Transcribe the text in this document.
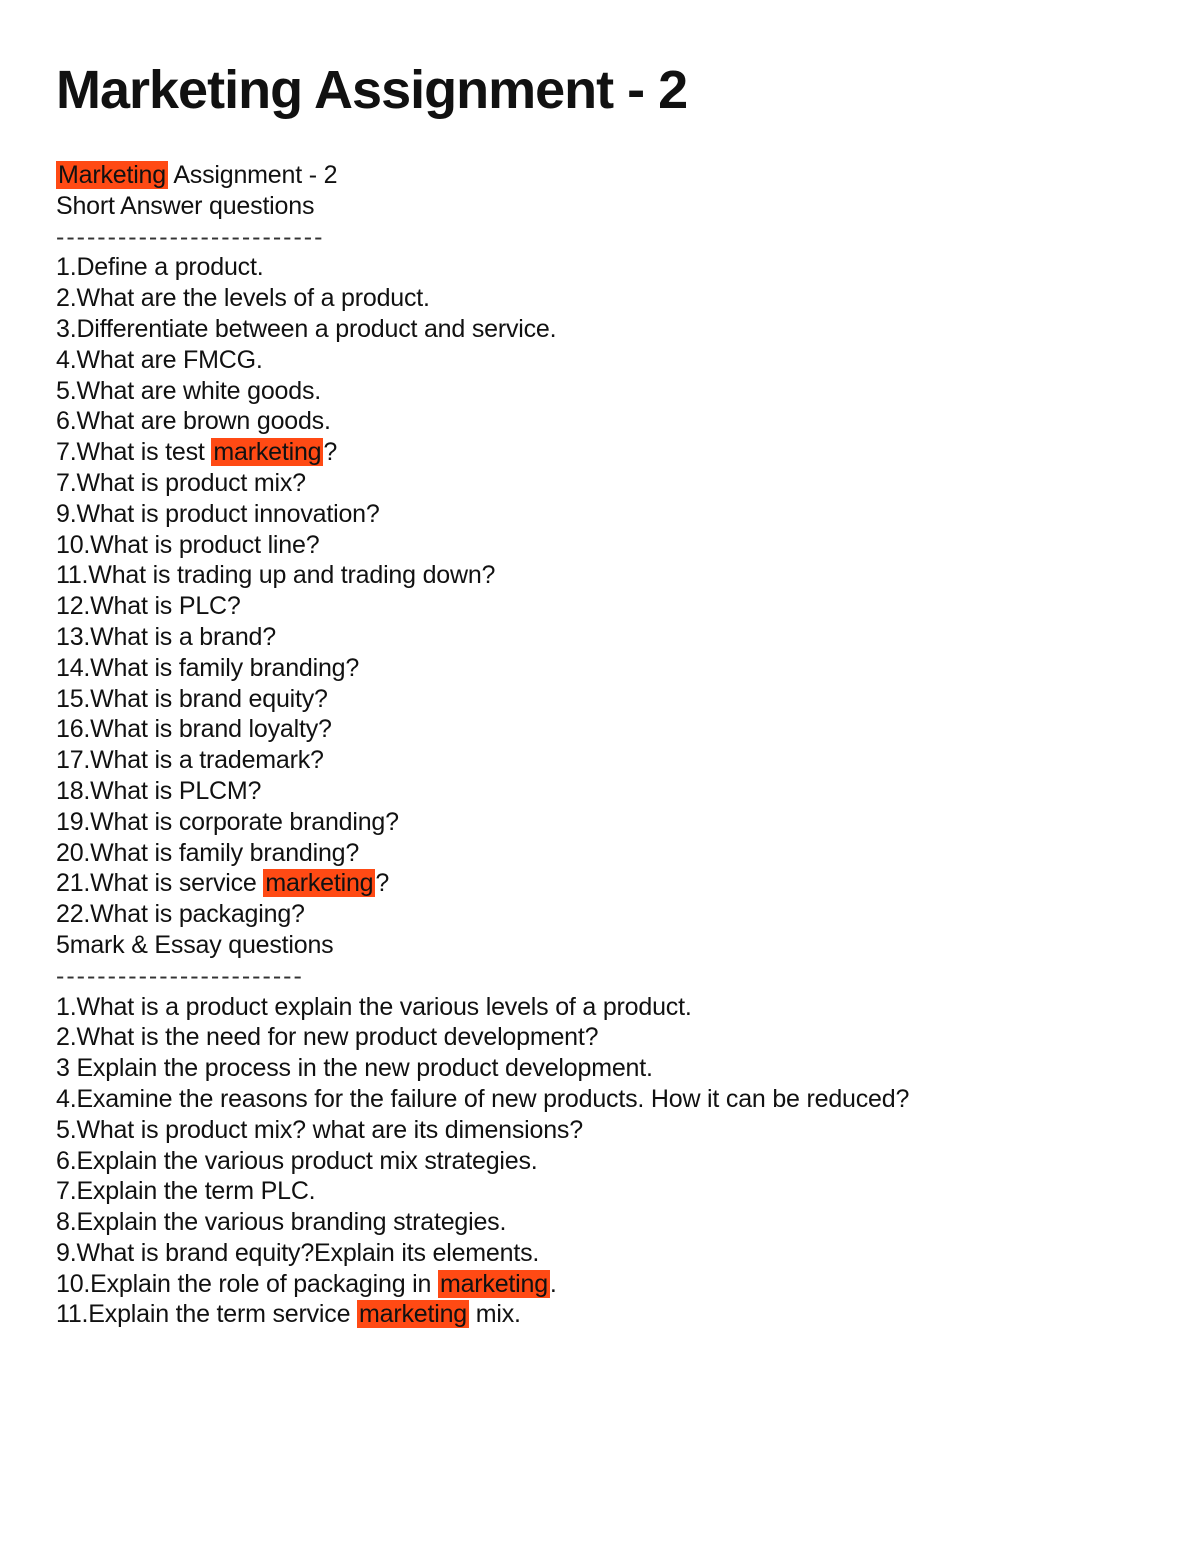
Marketing Assignment - 2
Marketing Assignment - 2
Short Answer questions
--------------------------
1.Define a product.
2.What are the levels of a product.
3.Differentiate between a product and service.
4.What are FMCG.
5.What are white goods.
6.What are brown goods.
7.What is test marketing?
7.What is product mix?
9.What is product innovation?
10.What is product line?
11.What is trading up and trading down?
12.What is PLC?
13.What is a brand?
14.What is family branding?
15.What is brand equity?
16.What is brand loyalty?
17.What is a trademark?
18.What is PLCM?
19.What is corporate branding?
20.What is family branding?
21.What is service marketing?
22.What is packaging?
5mark & Essay questions
------------------------
1.What is a product explain the various levels of a product.
2.What is the need for new product development?
3 Explain the process in the new product development.
4.Examine the reasons for the failure of new products. How it can be reduced?
5.What is product mix? what are its dimensions?
6.Explain the various product mix strategies.
7.Explain the term PLC.
8.Explain the various branding strategies.
9.What is brand equity?Explain its elements.
10.Explain the role of packaging in marketing.
11.Explain the term service marketing mix.
